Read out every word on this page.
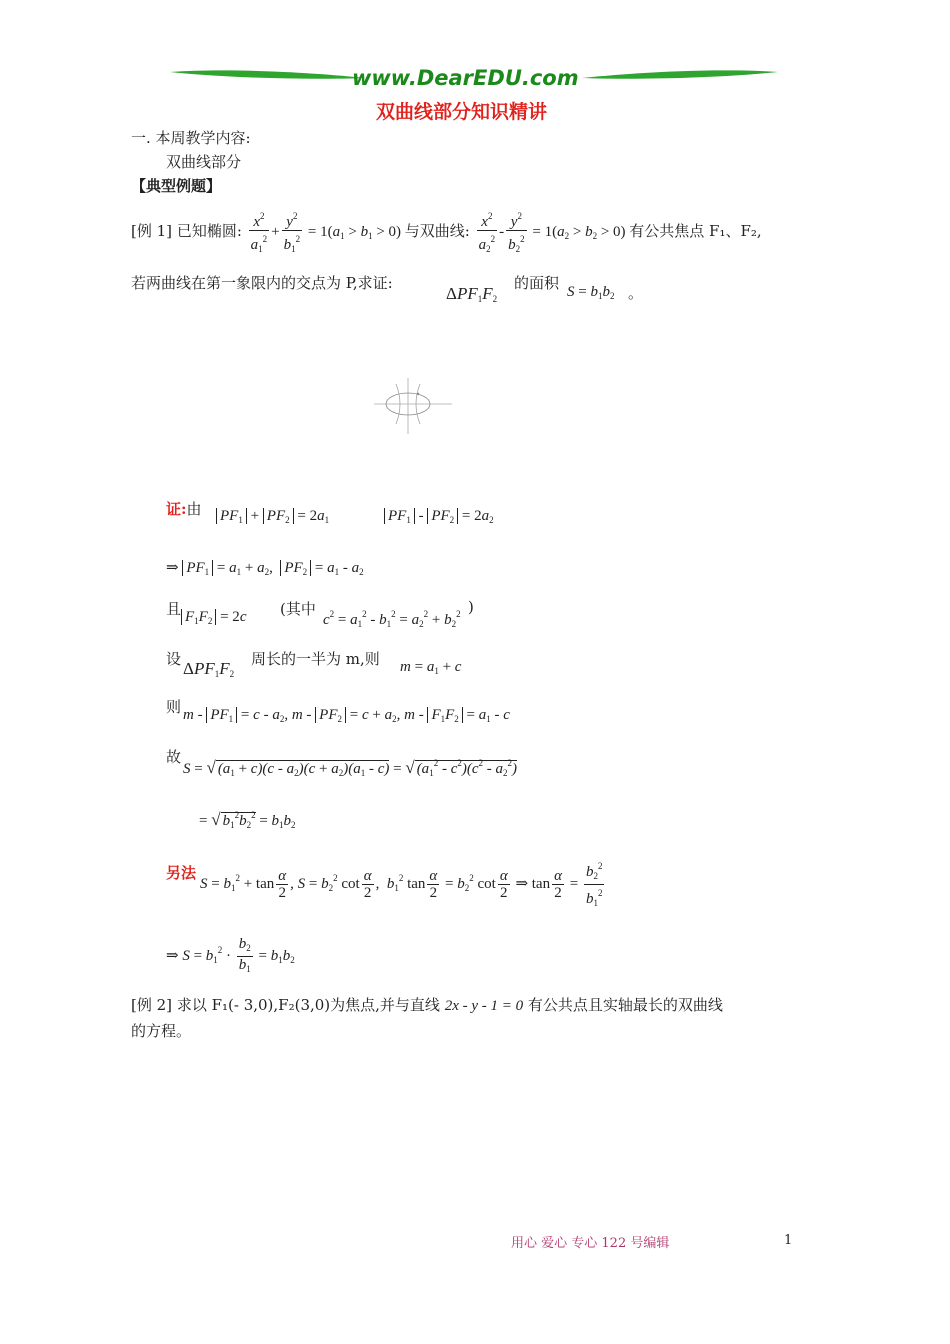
www.DearEDU.com
双曲线部分知识精讲
一. 本周教学内容:
双曲线部分
【典型例题】
[例 1] 已知椭圆: $\frac{x^2}{a_1^2} + \frac{y^2}{b_1^2} = 1(a_1 > b_1 > 0)$ 与双曲线: $\frac{x^2}{a_2^2} - \frac{y^2}{b_2^2} = 1(a_2 > b_2 > 0)$ 有公共焦点 F₁、F₂,
若两曲线在第一象限内的交点为 P,求证:
$\Delta PF_1F_2$
的面积 $S = b_1b_2$ 。
证:由 $PF_1 + PF_2 = 2a_1$	$PF_1 - PF_2 = 2a_2$
⇒ $PF_1 = a_1 + a_2$, $PF_2 = a_1 - a_2$
且 $F_1F_2 = 2c$ (其中
$c^2 = a_1^2 - b_1^2 = a_2^2 + b_2^2$ )
设 $\Delta PF_1F_2$
周长的一半为 m,则 $m = a_1 + c$
则 $m - PF_1 = c - a_2$, $m - PF_2 = c + a_2$, $m - F_1F_2 = a_1 - c$
故
S = √ $(a_1 + c)(c - a_2)(c + a_2)(a_1 - c)$ = √ $(a_1^2 - c^2)(c^2 - a_2^2)$
= √ $b_1^2b_2^2 = b_1b_2$
另法
$S = b_1^2 + \tan \frac{\alpha}{2}$ , $S = b_2^2$ $\cot \frac{\alpha}{2}$ ,  $b_1^2$ $\tan \frac{\alpha}{2} = b_2^2$ $\cot \frac{\alpha}{2}$ ⇒ $\tan \frac{\alpha}{2} = \frac{b_2^2}{b_1^2}$
⇒ $S = b_1^2 \cdot \frac{b_2}{b_1} = b_1b_2$
[例 2] 求以 F₁(- 3,0),F₂(3,0)为焦点,并与直线 2x - y - 1 = 0 有公共点且实轴最长的双曲线
的方程。
用心 爱心 专心 122 号编辑	1
